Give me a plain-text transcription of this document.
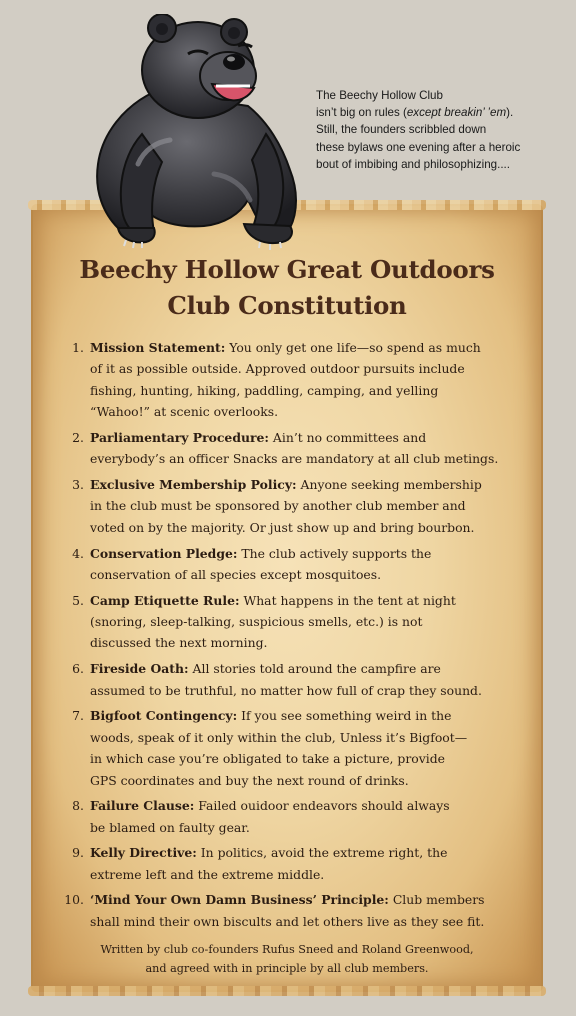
The Beechy Hollow Club
isn’t big on rules (except breakin’ ’em).
Still, the founders scribbled down
these bylaws one evening after a heroic
bout of imbibing and philosophizing....
Beechy Hollow Great Outdoors
Club Constitution
1. Mission Statement: You only get one life—so spend as much
of it as possible outside. Approved outdoor pursuits include
fishing, hunting, hiking, paddling, camping, and yelling
“Wahoo!” at scenic overlooks.
2. Parliamentary Procedure: Ain’t no committees and
everybody’s an officer Snacks are mandatory at all club metings.
3. Exclusive Membership Policy: Anyone seeking membership
in the club must be sponsored by another club member and
voted on by the majority. Or just show up and bring bourbon.
4. Conservation Pledge: The club actively supports the
conservation of all species except mosquitoes.
5. Camp Etiquette Rule: What happens in the tent at night
(snoring, sleep-talking, suspicious smells, etc.) is not
discussed the next morning.
6. Fireside Oath: All stories told around the campfire are
assumed to be truthful, no matter how full of crap they sound.
7. Bigfoot Contingency: If you see something weird in the
woods, speak of it only within the club, Unless it’s Bigfoot—
in which case you’re obligated to take a picture, provide
GPS coordinates and buy the next round of drinks.
8. Failure Clause: Failed ouidoor endeavors should always
be blamed on faulty gear.
9. Kelly Directive: In politics, avoid the extreme right, the
extreme left and the extreme middle.
10. ‘Mind Your Own Damn Business’ Principle: Club members
shall mind their own biscults and let others live as they see fit.
Written by club co-founders Rufus Sneed and Roland Greenwood,
and agreed with in principle by all club members.
